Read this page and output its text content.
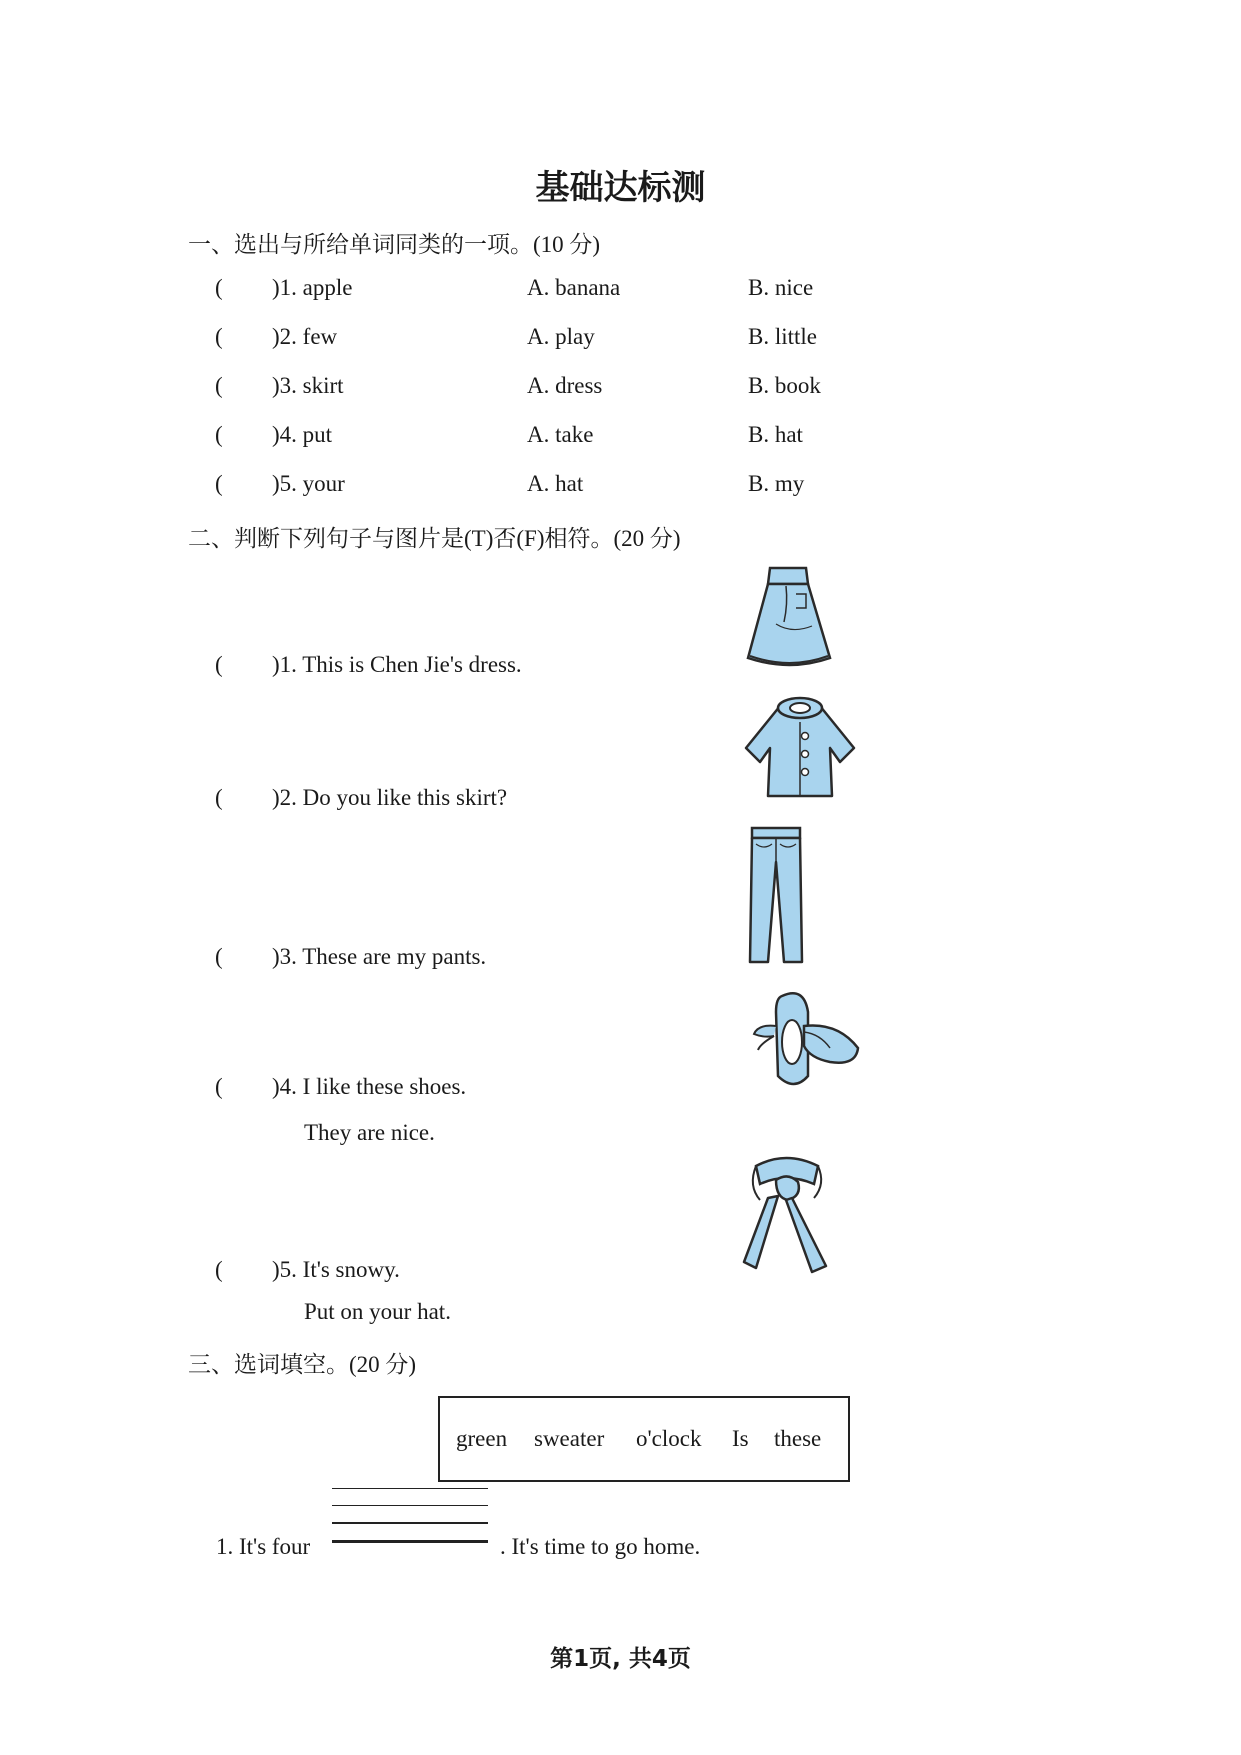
基础达标测
一、选出与所给单词同类的一项。(10 分)
( )1. apple	A. banana	B. nice
( )2. few	A. play	B. little
( )3. skirt	A. dress	B. book
( )4. put	A. take	B. hat
( )5. your	A. hat	B. my
二、判断下列句子与图片是(T)否(F)相符。(20 分)
( )1. This is Chen Jie's dress.
( )2. Do you like this skirt?
( )3. These are my pants.
( )4. I like these shoes.
They are nice.
( )5. It's snowy.
Put on your hat.
三、选词填空。(20 分)
green sweater o'clock Is these
1. It's four	. It's time to go home.
第1页, 共4页
